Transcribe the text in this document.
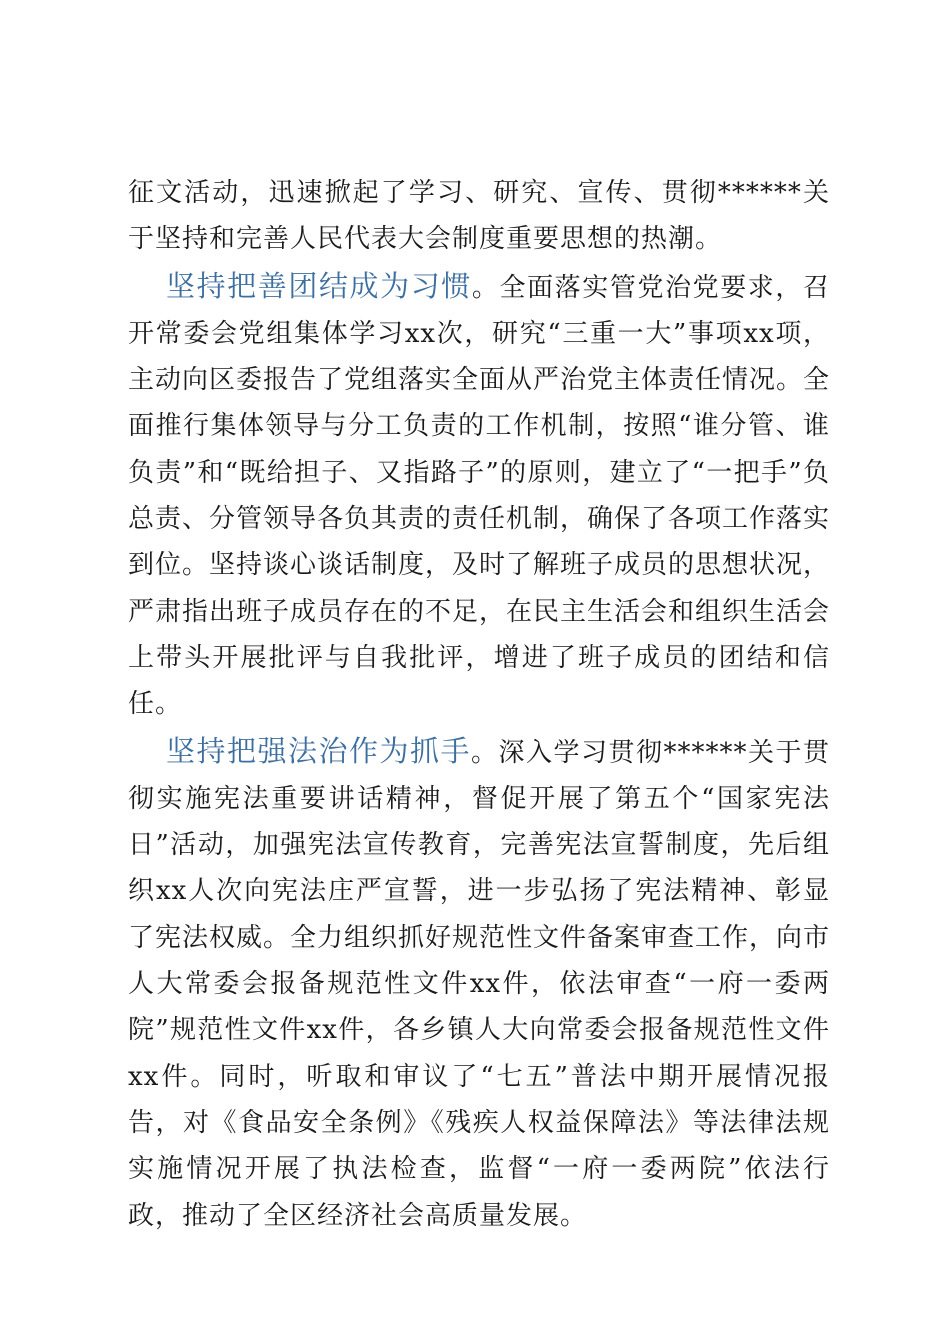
征文活动，迅速掀起了学习、研究、宣传、贯彻******关于坚持和完善人民代表大会制度重要思想的热潮。

坚持把善团结成为习惯。全面落实管党治党要求，召开常委会党组集体学习xx次，研究“三重一大”事项xx项，主动向区委报告了党组落实全面从严治党主体责任情况。全面推行集体领导与分工负责的工作机制，按照“谁分管、谁负责”和“既给担子、又指路子”的原则，建立了“一把手”负总责、分管领导各负其责的责任机制，确保了各项工作落实到位。坚持谈心谈话制度，及时了解班子成员的思想状况，严肃指出班子成员存在的不足，在民主生活会和组织生活会上带头开展批评与自我批评，增进了班子成员的团结和信任。

坚持把强法治作为抓手。深入学习贯彻******关于贯彻实施宪法重要讲话精神，督促开展了第五个“国家宪法日”活动，加强宪法宣传教育，完善宪法宣誓制度，先后组织xx人次向宪法庄严宣誓，进一步弘扬了宪法精神、彰显了宪法权威。全力组织抓好规范性文件备案审查工作，向市人大常委会报备规范性文件xx件，依法审查“一府一委两院”规范性文件xx件，各乡镇人大向常委会报备规范性文件xx件。同时，听取和审议了“七五”普法中期开展情况报告，对《食品安全条例》《残疾人权益保障法》等法律法规实施情况开展了执法检查，监督“一府一委两院”依法行政，推动了全区经济社会高质量发展。
